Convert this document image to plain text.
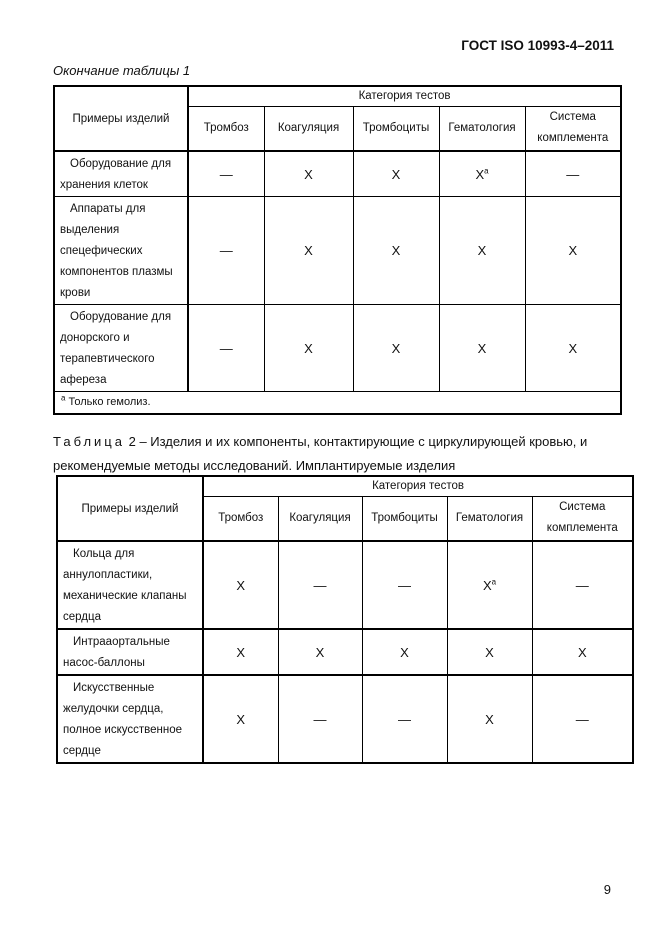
ГОСТ ISO 10993-4–2011
Окончание таблицы 1
Примеры изделий	Категория тестов				
	Тромбоз	Коагуляция	Тромбоциты	Гематология	Система комплемента
Оборудование для хранения клеток	—	X	X	$X^a$	—
Аппараты для выделения спецефических компонентов плазмы крови	—	X	X	X	X
Оборудование для донорского и терапевтического афереза	—	X	X	X	X
$^a$ Только гемолиз.					
Таблица 2 – Изделия и их компоненты, контактирующие с циркулирующей кровью, и рекомендуемые методы исследований. Имплантируемые изделия
Примеры изделий	Категория тестов				
	Тромбоз	Коагуляция	Тромбоциты	Гематология	Система комплемента
Кольца для аннулопластики, механические клапаны сердца	X	—	—	$X^a$	—
Интрааортальные насос-баллоны	X	X	X	X	X
Искусственные желудочки сердца, полное искусственное сердце	X	—	—	X	—
9
